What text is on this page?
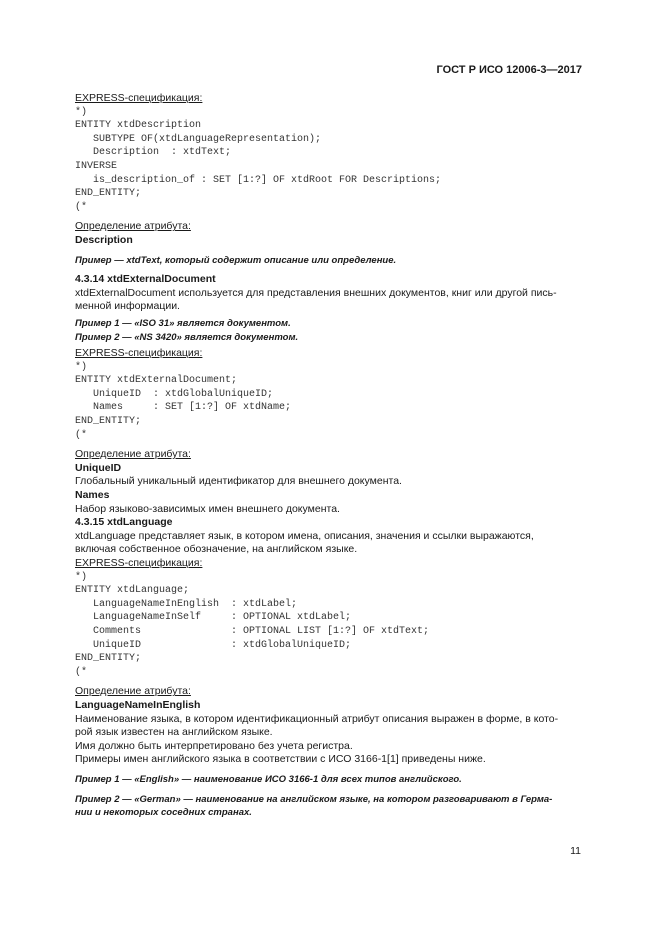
ГОСТ Р ИСО 12006-3—2017
EXPRESS-спецификация:
*)
ENTITY xtdDescription
SUBTYPE OF(xtdLanguageRepresentation);
Description  : xtdText;
INVERSE
is_description_of : SET [1:?] OF xtdRoot FOR Descriptions;
END_ENTITY;
(*
Определение атрибута:
Description
Пример — xtdText, который содержит описание или определение.
4.3.14 xtdExternalDocument
xtdExternalDocument используется для представления внешних документов, книг или другой пись-
менной информации.
Пример 1 — «ISO 31» является документом.
Пример 2 — «NS 3420» является документом.
EXPRESS-спецификация:
*)
ENTITY xtdExternalDocument;
UniqueID  : xtdGlobalUniqueID;
Names     : SET [1:?] OF xtdName;
END_ENTITY;
(*
Определение атрибута:
UniqueID
Глобальный уникальный идентификатор для внешнего документа.
Names
Набор языково-зависимых имен внешнего документа.
4.3.15 xtdLanguage
xtdLanguage представляет язык, в котором имена, описания, значения и ссылки выражаются,
включая собственное обозначение, на английском языке.
EXPRESS-спецификация:
*)
ENTITY xtdLanguage;
LanguageNameInEnglish  : xtdLabel;
LanguageNameInSelf     : OPTIONAL xtdLabel;
Comments               : OPTIONAL LIST [1:?] OF xtdText;
UniqueID               : xtdGlobalUniqueID;
END_ENTITY;
(*
Определение атрибута:
LanguageNameInEnglish
Наименование языка, в котором идентификационный атрибут описания выражен в форме, в кото-
рой язык известен на английском языке.
Имя должно быть интерпретировано без учета регистра.
Примеры имен английского языка в соответствии с ИСО 3166-1[1] приведены ниже.
Пример 1 — «English» — наименование ИСО 3166-1 для всех типов английского.
Пример 2 — «German» — наименование на английском языке, на котором разговаривают в Герма-
нии и некоторых соседних странах.
11
